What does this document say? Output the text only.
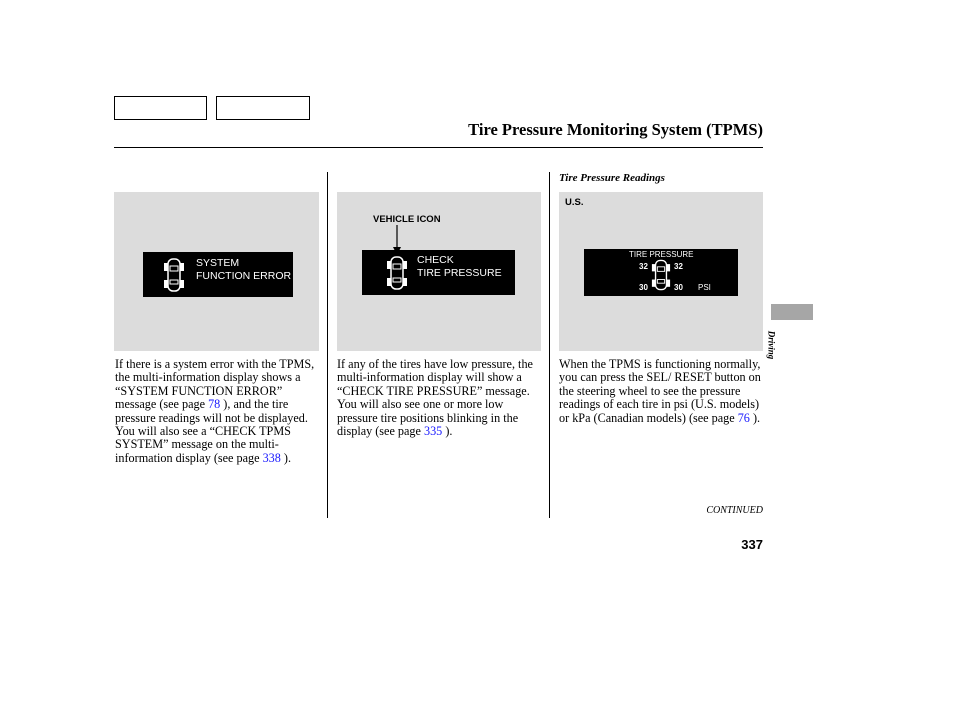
Tire Pressure Monitoring System (TPMS)
Tire Pressure Readings
SYSTEM
FUNCTION ERROR
VEHICLE ICON
CHECK
TIRE PRESSURE
U.S.
TIRE PRESSURE
32	32
30	30 PSI
If there is a system error with the TPMS, the multi-information display shows a “SYSTEM FUNCTION ERROR” message (see page 78 ), and the tire pressure readings will not be displayed. You will also see a “CHECK TPMS SYSTEM” message on the multi-information display (see page 338 ).
If any of the tires have low pressure, the multi-information display will show a “CHECK TIRE PRESSURE” message. You will also see one or more low pressure tire positions blinking in the display (see page 335 ).
When the TPMS is functioning normally, you can press the SEL/ RESET button on the steering wheel to see the pressure readings of each tire in psi (U.S. models) or kPa (Canadian models) (see page 76 ).
CONTINUED
337
Driving
